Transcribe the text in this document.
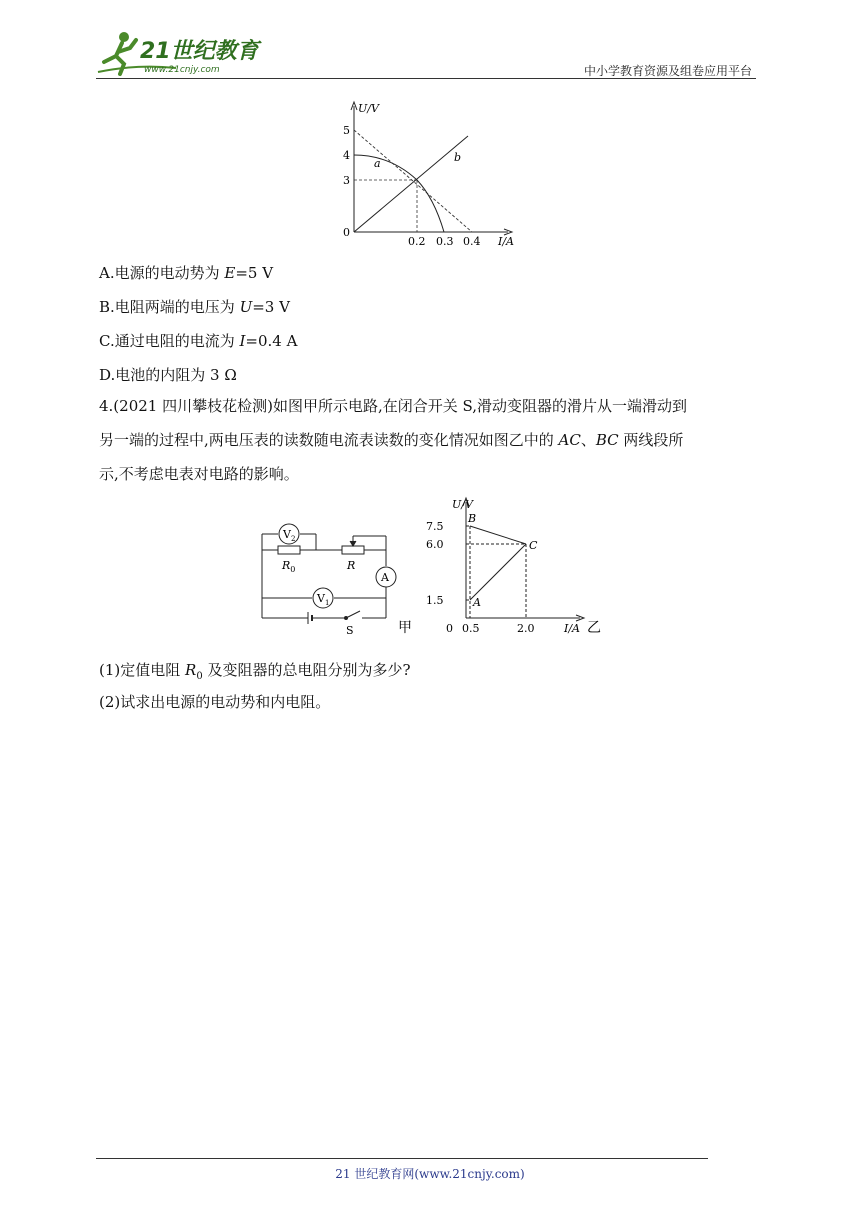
21世纪教育
www.21cnjy.com	中小学教育资源及组卷应用平台
U/V
I/A
5
4
3
0
0.2 0.3 0.4
a	b
A.电源的电动势为 E=5 V
B.电阻两端的电压为 U=3 V
C.通过电阻的电流为 I=0.4 A
D.电池的内阻为 3 Ω
4.(2021 四川攀枝花检测)如图甲所示电路,在闭合开关 S,滑动变阻器的滑片从一端滑动到
另一端的过程中,两电压表的读数随电流表读数的变化情况如图乙中的 AC、BC 两线段所
示,不考虑电表对电路的影响。
$R_0$	R
$V_2$
$V_1$
A
S	甲
U/V
7.5
6.0
1.5
0 0.5	2.0	I/A 乙
B
C
A
(1)定值电阻 $R_0$ 及变阻器的总电阻分别为多少?
(2)试求出电源的电动势和内电阻。
21 世纪教育网(www.21cnjy.com)
